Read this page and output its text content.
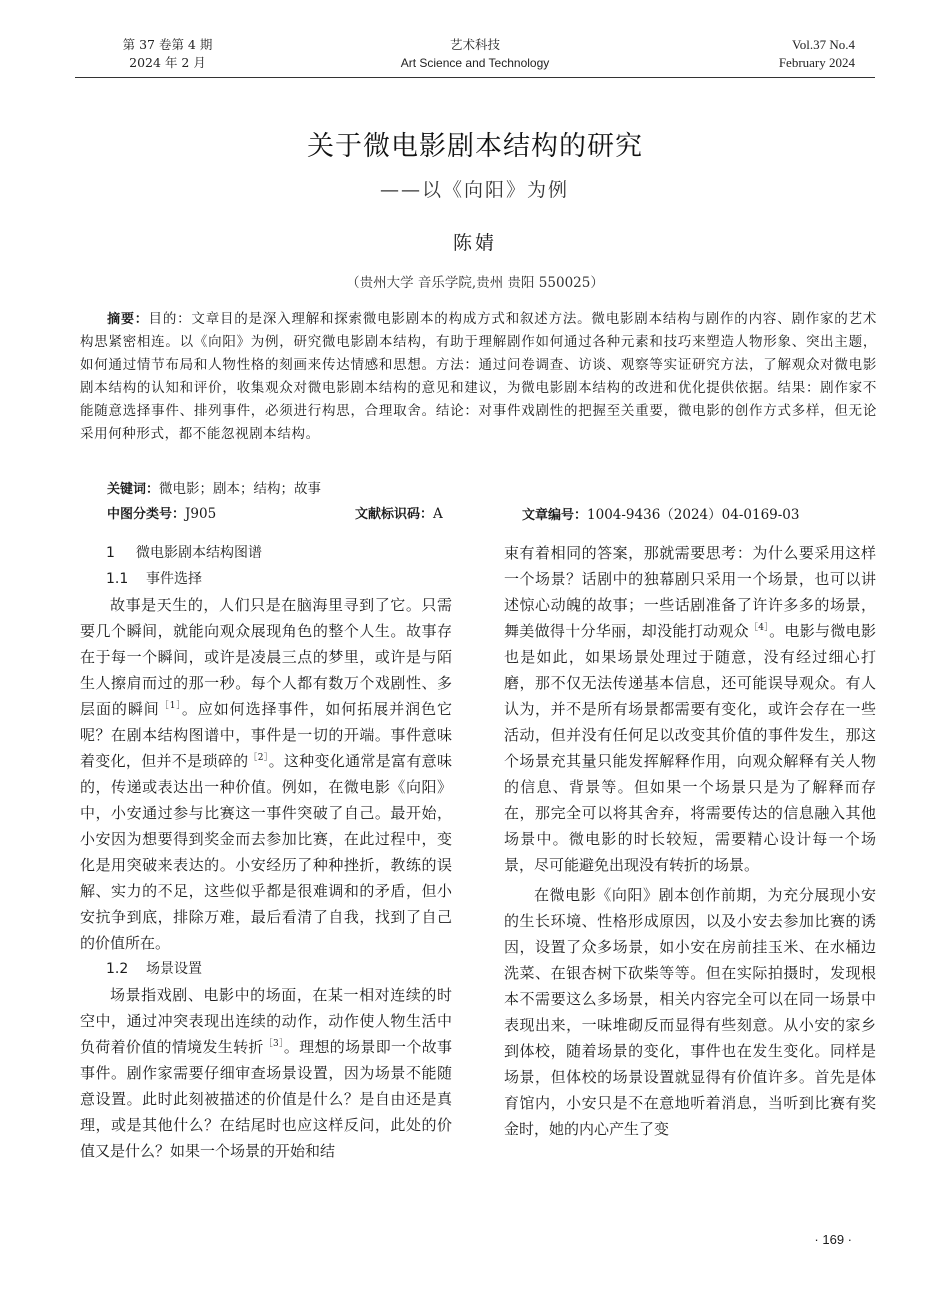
第 37 卷第 4 期
2024 年 2 月
艺术科技
Art Science and Technology
Vol.37 No.4
February 2024
关于微电影剧本结构的研究
——以《向阳》为例
陈婧
（贵州大学 音乐学院,贵州 贵阳 550025）
摘要：目的：文章目的是深入理解和探索微电影剧本的构成方式和叙述方法。微电影剧本结构与剧作的内容、剧作家的艺术构思紧密相连。以《向阳》为例，研究微电影剧本结构，有助于理解剧作如何通过各种元素和技巧来塑造人物形象、突出主题，如何通过情节布局和人物性格的刻画来传达情感和思想。方法：通过问卷调查、访谈、观察等实证研究方法，了解观众对微电影剧本结构的认知和评价，收集观众对微电影剧本结构的意见和建议，为微电影剧本结构的改进和优化提供依据。结果：剧作家不能随意选择事件、排列事件，必须进行构思，合理取舍。结论：对事件戏剧性的把握至关重要，微电影的创作方式多样，但无论采用何种形式，都不能忽视剧本结构。
关键词：微电影；剧本；结构；故事
中图分类号：J905	文献标识码：A	文章编号：1004-9436（2024）04-0169-03

1 微电影剧本结构图谱

1.1 事件选择

故事是天生的，人们只是在脑海里寻到了它。只需要几个瞬间，就能向观众展现角色的整个人生。故事存在于每一个瞬间，或许是凌晨三点的梦里，或许是与陌生人擦肩而过的那一秒。每个人都有数万个戏剧性、多层面的瞬间$^{[1]}$。应如何选择事件，如何拓展并润色它呢？在剧本结构图谱中，事件是一切的开端。事件意味着变化，但并不是琐碎的$^{[2]}$。这种变化通常是富有意味的，传递或表达出一种价值。例如，在微电影《向阳》中，小安通过参与比赛这一事件突破了自己。最开始，小安因为想要得到奖金而去参加比赛，在此过程中，变化是用突破来表达的。小安经历了种种挫折，教练的误解、实力的不足，这些似乎都是很难调和的矛盾，但小安抗争到底，排除万难，最后看清了自我，找到了自己的价值所在。

1.2 场景设置

场景指戏剧、电影中的场面，在某一相对连续的时空中，通过冲突表现出连续的动作，动作使人物生活中负荷着价值的情境发生转折$^{[3]}$。理想的场景即一个故事事件。剧作家需要仔细审查场景设置，因为场景不能随意设置。此时此刻被描述的价值是什么？是自由还是真理，或是其他什么？在结尾时也应这样反问，此处的价值又是什么？如果一个场景的开始和结

束有着相同的答案，那就需要思考：为什么要采用这样一个场景？话剧中的独幕剧只采用一个场景，也可以讲述惊心动魄的故事；一些话剧准备了许许多多的场景，舞美做得十分华丽，却没能打动观众$^{[4]}$。电影与微电影也是如此，如果场景处理过于随意，没有经过细心打磨，那不仅无法传递基本信息，还可能误导观众。有人认为，并不是所有场景都需要有变化，或许会存在一些活动，但并没有任何足以改变其价值的事件发生，那这个场景充其量只能发挥解释作用，向观众解释有关人物的信息、背景等。但如果一个场景只是为了解释而存在，那完全可以将其舍弃，将需要传达的信息融入其他场景中。微电影的时长较短，需要精心设计每一个场景，尽可能避免出现没有转折的场景。

在微电影《向阳》剧本创作前期，为充分展现小安的生长环境、性格形成原因，以及小安去参加比赛的诱因，设置了众多场景，如小安在房前挂玉米、在水桶边洗菜、在银杏树下砍柴等等。但在实际拍摄时，发现根本不需要这么多场景，相关内容完全可以在同一场景中表现出来，一味堆砌反而显得有些刻意。从小安的家乡到体校，随着场景的变化，事件也在发生变化。同样是场景，但体校的场景设置就显得有价值许多。首先是体育馆内，小安只是不在意地听着消息，当听到比赛有奖金时，她的内心产生了变

· 169 ·
